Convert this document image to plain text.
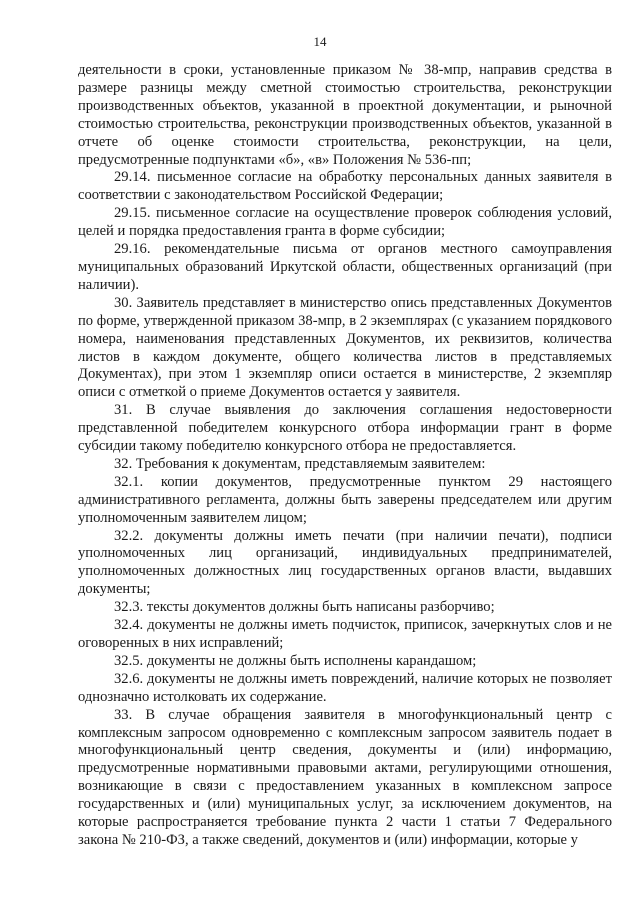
14

деятельности в сроки, установленные приказом № 38-мпр, направив средства в размере разницы между сметной стоимостью строительства, реконструкции производственных объектов, указанной в проектной документации, и рыночной стоимостью строительства, реконструкции производственных объектов, указанной в отчете об оценке стоимости строительства, реконструкции, на цели, предусмотренные подпунктами «б», «в» Положения № 536-пп;

29.14. письменное согласие на обработку персональных данных заявителя в соответствии с законодательством Российской Федерации;

29.15. письменное согласие на осуществление проверок соблюдения условий, целей и порядка предоставления гранта в форме субсидии;

29.16. рекомендательные письма от органов местного самоуправления муниципальных образований Иркутской области, общественных организаций (при наличии).

30. Заявитель представляет в министерство опись представленных Документов по форме, утвержденной приказом 38-мпр, в 2 экземплярах (с указанием порядкового номера, наименования представленных Документов, их реквизитов, количества листов в каждом документе, общего количества листов в представляемых Документах), при этом 1 экземпляр описи остается в министерстве, 2 экземпляр описи с отметкой о приеме Документов остается у заявителя.

31. В случае выявления до заключения соглашения недостоверности представленной победителем конкурсного отбора информации грант в форме субсидии такому победителю конкурсного отбора не предоставляется.

32. Требования к документам, представляемым заявителем:

32.1. копии документов, предусмотренные пунктом 29 настоящего административного регламента, должны быть заверены председателем или другим уполномоченным заявителем лицом;

32.2. документы должны иметь печати (при наличии печати), подписи уполномоченных лиц организаций, индивидуальных предпринимателей, уполномоченных должностных лиц государственных органов власти, выдавших документы;

32.3. тексты документов должны быть написаны разборчиво;

32.4. документы не должны иметь подчисток, приписок, зачеркнутых слов и не оговоренных в них исправлений;

32.5. документы не должны быть исполнены карандашом;

32.6. документы не должны иметь повреждений, наличие которых не позволяет однозначно истолковать их содержание.

33. В случае обращения заявителя в многофункциональный центр с комплексным запросом одновременно с комплексным запросом заявитель подает в многофункциональный центр сведения, документы и (или) информацию, предусмотренные нормативными правовыми актами, регулирующими отношения, возникающие в связи с предоставлением указанных в комплексном запросе государственных и (или) муниципальных услуг, за исключением документов, на которые распространяется требование пункта 2 части 1 статьи 7 Федерального закона № 210-ФЗ, а также сведений, документов и (или) информации, которые у
